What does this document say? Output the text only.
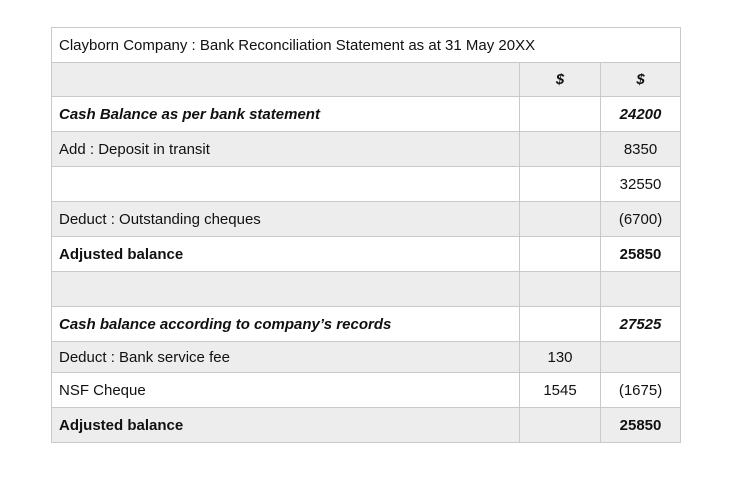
Clayborn Company : Bank Reconciliation Statement as at 31 May 20XX		
	$	$
Cash Balance as per bank statement		24200
Add : Deposit in transit		8350
		32550
Deduct : Outstanding cheques		(6700)
Adjusted balance		25850

Cash balance according to company’s records		27525
Deduct : Bank service fee	130	
NSF Cheque	1545	(1675)
Adjusted balance		25850
